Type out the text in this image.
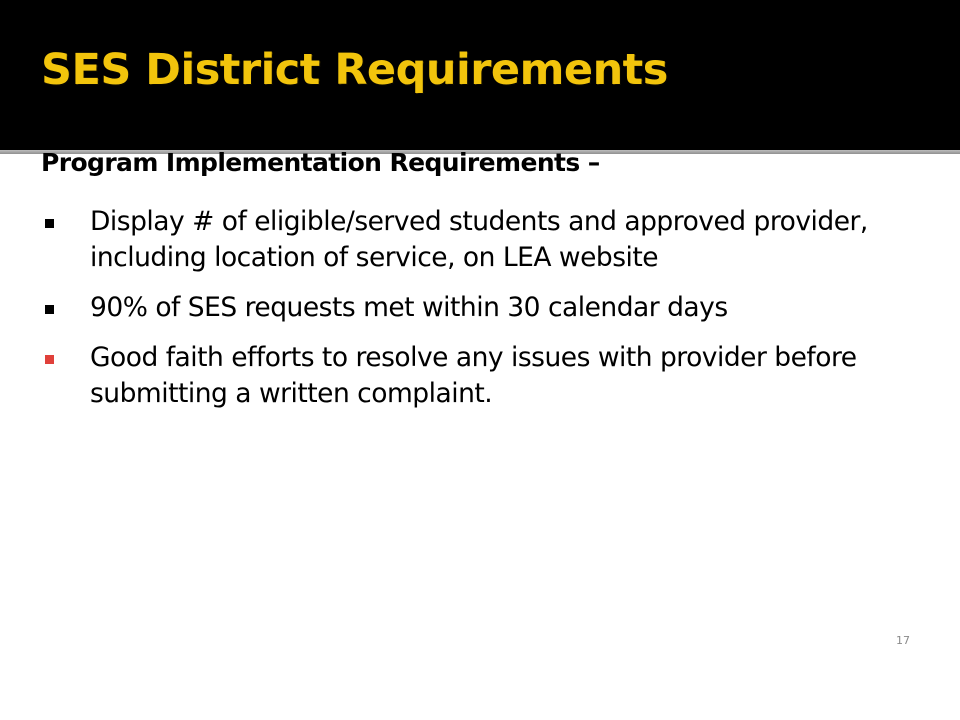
SES District Requirements
Program Implementation Requirements –
Display # of eligible/served students and approved provider, including location of service, on LEA website
90% of SES requests met within 30 calendar days
Good faith efforts to resolve any issues with provider before submitting a written complaint.
17
